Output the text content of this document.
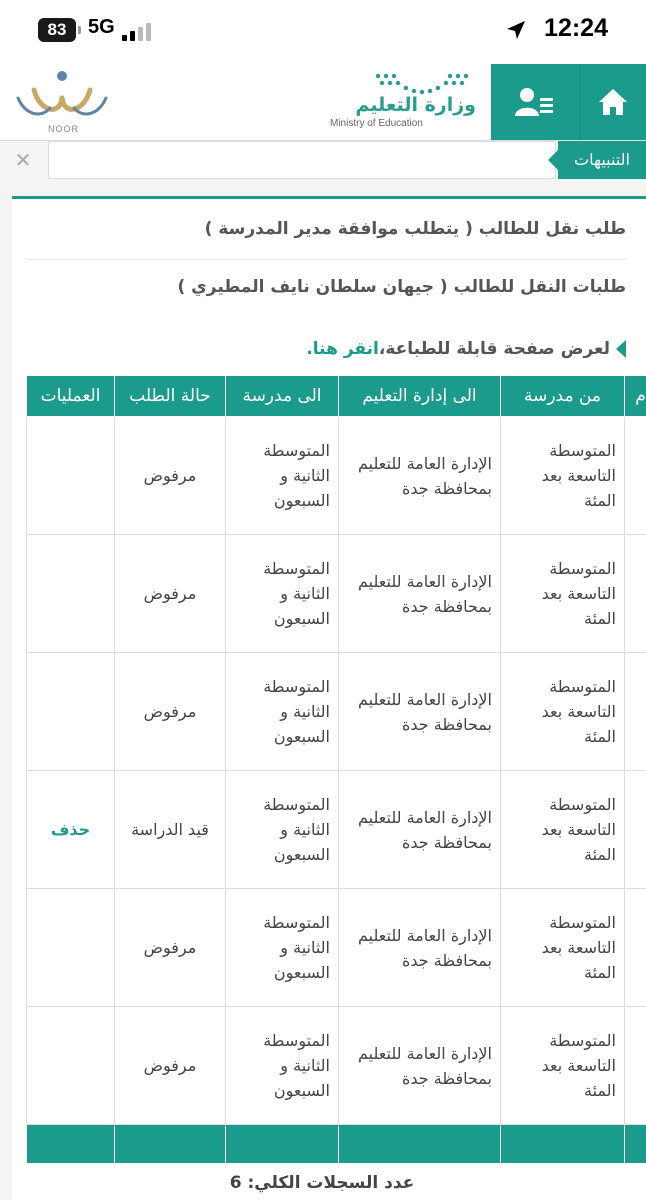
83	5G	12:24
NOOR
وزارة التعليم
Ministry of Education
✕	التنبيهات
طلب نقل للطالب ( يتطلب موافقة مدير المدرسة )
طلبات النقل للطالب ( جيهان سلطان نايف المطيري )
لعرض صفحة قابلة للطباعة،انقر هنا.
م	من مدرسة	الى إدارة التعليم	الى مدرسة	حالة الطلب	العمليات
	المتوسطة التاسعة بعد المئة	الإدارة العامة للتعليم بمحافظة جدة	المتوسطة الثانية و السبعون	مرفوض	
	المتوسطة التاسعة بعد المئة	الإدارة العامة للتعليم بمحافظة جدة	المتوسطة الثانية و السبعون	مرفوض	
	المتوسطة التاسعة بعد المئة	الإدارة العامة للتعليم بمحافظة جدة	المتوسطة الثانية و السبعون	مرفوض	
	المتوسطة التاسعة بعد المئة	الإدارة العامة للتعليم بمحافظة جدة	المتوسطة الثانية و السبعون	قيد الدراسة	حذف
	المتوسطة التاسعة بعد المئة	الإدارة العامة للتعليم بمحافظة جدة	المتوسطة الثانية و السبعون	مرفوض	
	المتوسطة التاسعة بعد المئة	الإدارة العامة للتعليم بمحافظة جدة	المتوسطة الثانية و السبعون	مرفوض	

عدد السجلات الكلي: 6
